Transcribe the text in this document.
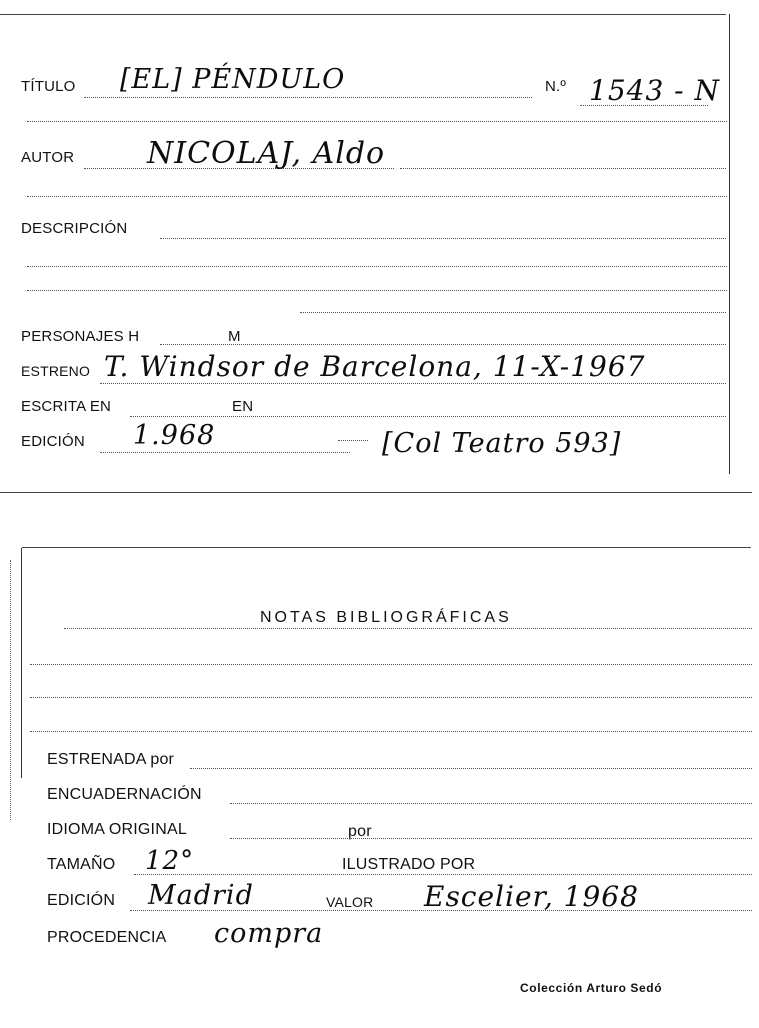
TÍTULO [EL] PÉNDULO	N.º 1543 - N
AUTOR NICOLAJ, Aldo
DESCRIPCIÓN
PERSONAJES H	M
ESTRENO T. Windsor de Barcelona, 11-X-1967
ESCRITA EN	EN
EDICIÓN 1.968	[Col Teatro 593]
NOTAS BIBLIOGRÁFICAS
ESTRENADA por
ENCUADERNACIÓN
IDIOMA ORIGINAL	por
TAMAÑO 12°	ILUSTRADO POR
EDICIÓN Madrid	VALOR Escelier, 1968
PROCEDENCIA compra
Colección Arturo Sedó
